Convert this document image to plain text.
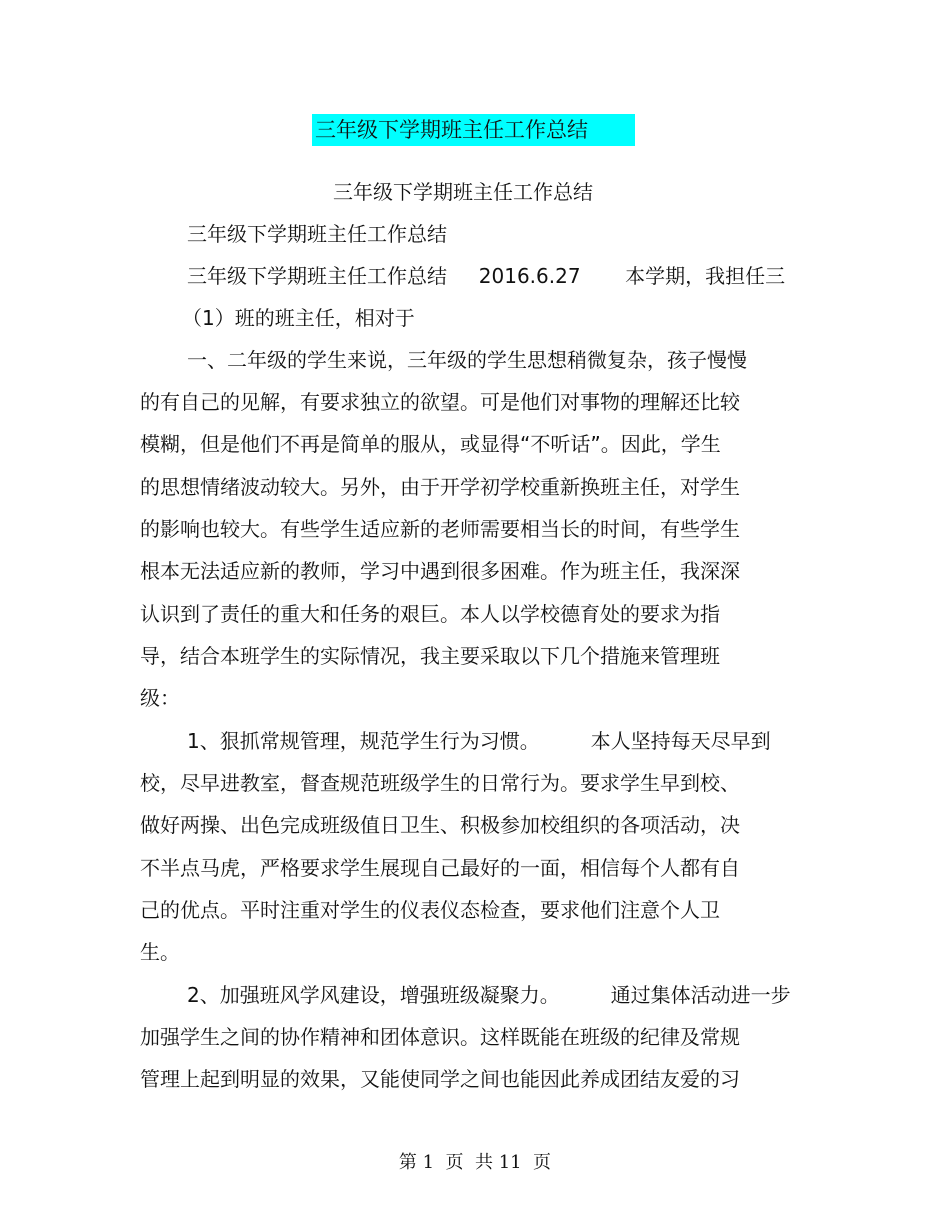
三年级下学期班主任工作总结
三年级下学期班主任工作总结
三年级下学期班主任工作总结
三年级下学期班主任工作总结     2016.6.27       本学期，我担任三
（1）班的班主任，相对于
一、二年级的学生来说，三年级的学生思想稍微复杂，孩子慢慢
的有自己的见解，有要求独立的欲望。可是他们对事物的理解还比较
模糊，但是他们不再是简单的服从，或显得“不听话”。因此，学生
的思想情绪波动较大。另外，由于开学初学校重新换班主任，对学生
的影响也较大。有些学生适应新的老师需要相当长的时间，有些学生
根本无法适应新的教师，学习中遇到很多困难。作为班主任，我深深
认识到了责任的重大和任务的艰巨。本人以学校德育处的要求为指
导，结合本班学生的实际情况，我主要采取以下几个措施来管理班
级：
1、狠抓常规管理，规范学生行为习惯。        本人坚持每天尽早到
校，尽早进教室，督查规范班级学生的日常行为。要求学生早到校、
做好两操、出色完成班级值日卫生、积极参加校组织的各项活动，决
不半点马虎，严格要求学生展现自己最好的一面，相信每个人都有自
己的优点。平时注重对学生的仪表仪态检查，要求他们注意个人卫
生。
2、加强班风学风建设，增强班级凝聚力。        通过集体活动进一步
加强学生之间的协作精神和团体意识。这样既能在班级的纪律及常规
管理上起到明显的效果，又能使同学之间也能因此养成团结友爱的习
第 1  页  共 11  页
